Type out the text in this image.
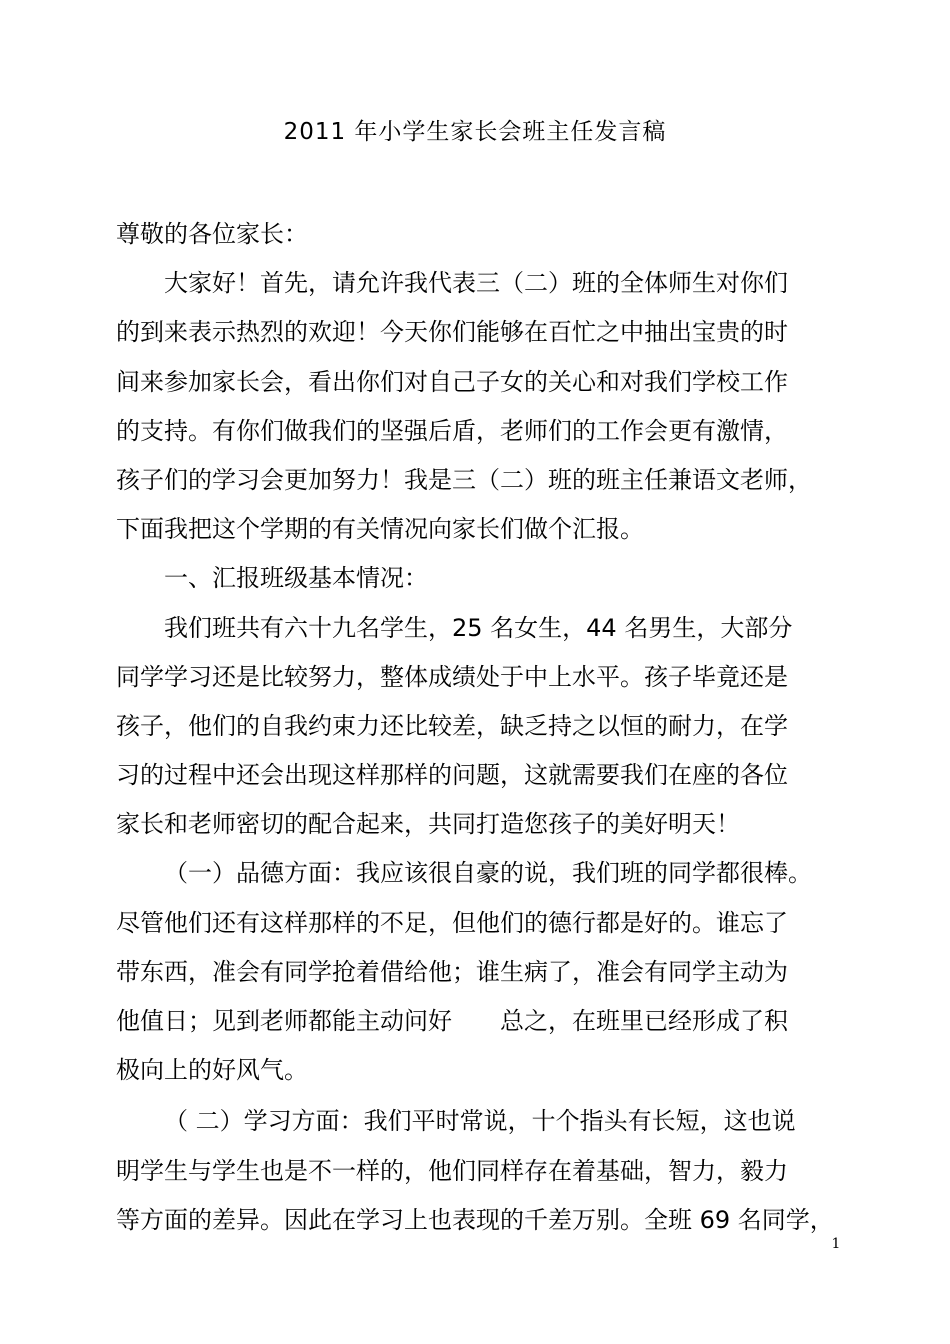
2011 年小学生家长会班主任发言稿
尊敬的各位家长：
大家好！首先，请允许我代表三（二）班的全体师生对你们
的到来表示热烈的欢迎！今天你们能够在百忙之中抽出宝贵的时
间来参加家长会，看出你们对自己子女的关心和对我们学校工作
的支持。有你们做我们的坚强后盾，老师们的工作会更有激情，
孩子们的学习会更加努力！我是三（二）班的班主任兼语文老师，
下面我把这个学期的有关情况向家长们做个汇报。
一、汇报班级基本情况：
我们班共有六十九名学生，25 名女生，44 名男生，大部分
同学学习还是比较努力，整体成绩处于中上水平。孩子毕竟还是
孩子，他们的自我约束力还比较差，缺乏持之以恒的耐力，在学
习的过程中还会出现这样那样的问题，这就需要我们在座的各位
家长和老师密切的配合起来，共同打造您孩子的美好明天！
（一）品德方面：我应该很自豪的说，我们班的同学都很棒。
尽管他们还有这样那样的不足，但他们的德行都是好的。谁忘了
带东西，准会有同学抢着借给他；谁生病了，准会有同学主动为
他值日；见到老师都能主动问好　　总之，在班里已经形成了积
极向上的好风气。
（ 二）学习方面：我们平时常说，十个指头有长短，这也说
明学生与学生也是不一样的，他们同样存在着基础，智力，毅力
等方面的差异。因此在学习上也表现的千差万别。全班 69 名同学，
1
